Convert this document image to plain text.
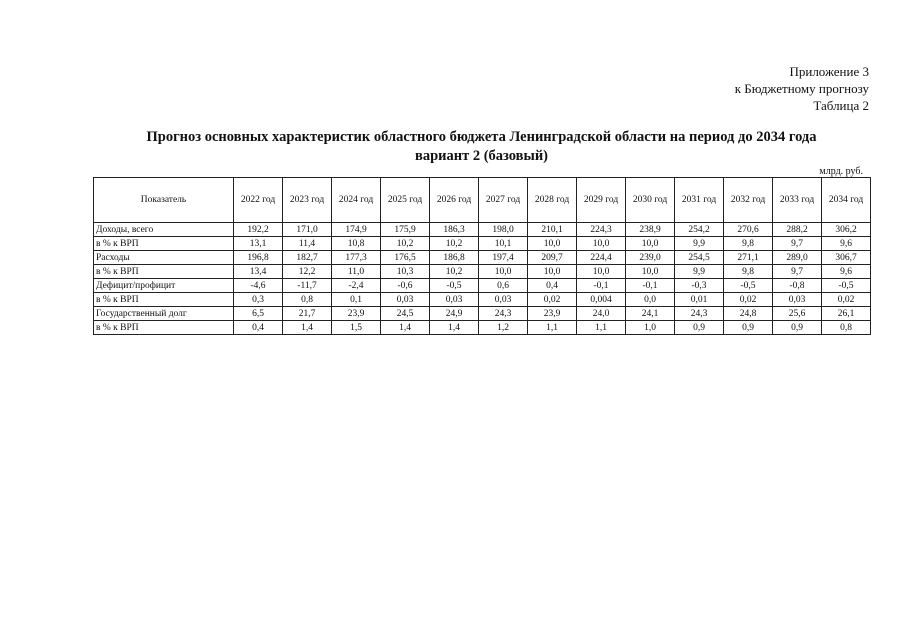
Приложение 3
к Бюджетному прогнозу
Таблица 2
Прогноз основных характеристик областного бюджета Ленинградской области на период до 2034 года
вариант 2 (базовый)
млрд. руб.
Показатель	2022 год	2023 год	2024 год	2025 год	2026 год	2027 год	2028 год	2029 год	2030 год	2031 год	2032 год	2033 год	2034 год
Доходы, всего	192,2	171,0	174,9	175,9	186,3	198,0	210,1	224,3	238,9	254,2	270,6	288,2	306,2
в % к ВРП	13,1	11,4	10,8	10,2	10,2	10,1	10,0	10,0	10,0	9,9	9,8	9,7	9,6
Расходы	196,8	182,7	177,3	176,5	186,8	197,4	209,7	224,4	239,0	254,5	271,1	289,0	306,7
в % к ВРП	13,4	12,2	11,0	10,3	10,2	10,0	10,0	10,0	10,0	9,9	9,8	9,7	9,6
Дефицит/профицит	-4,6	-11,7	-2,4	-0,6	-0,5	0,6	0,4	-0,1	-0,1	-0,3	-0,5	-0,8	-0,5
в % к ВРП	0,3	0,8	0,1	0,03	0,03	0,03	0,02	0,004	0,0	0,01	0,02	0,03	0,02
Государственный долг	6,5	21,7	23,9	24,5	24,9	24,3	23,9	24,0	24,1	24,3	24,8	25,6	26,1
в % к ВРП	0,4	1,4	1,5	1,4	1,4	1,2	1,1	1,1	1,0	0,9	0,9	0,9	0,8
